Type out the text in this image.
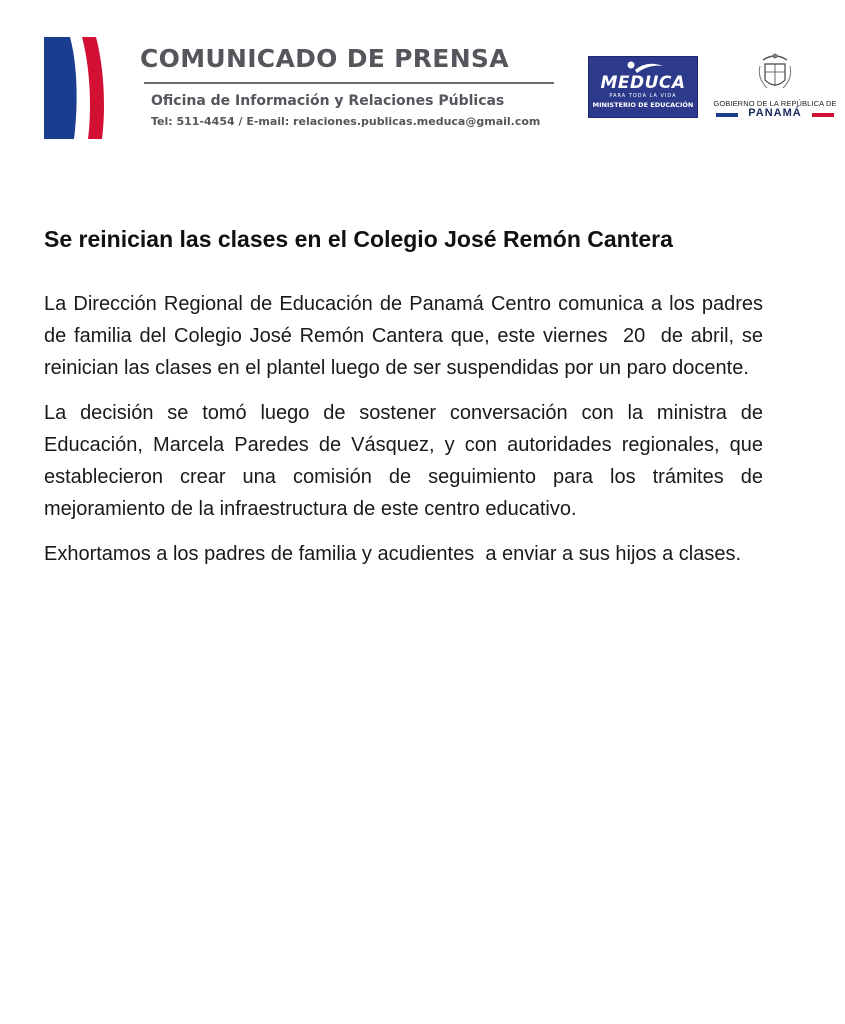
COMUNICADO DE PRENSA
Oficina de Información y Relaciones Públicas
Tel: 511-4454 / E-mail: relaciones.publicas.meduca@gmail.com
MEDUCA
PARA TODA LA VIDA
MINISTERIO DE EDUCACIÓN	GOBIERNO DE LA REPÚBLICA DE
PANAMÁ
Se reinician las clases en el Colegio José Remón Cantera

La Dirección Regional de Educación de Panamá Centro comunica a los padres de familia del Colegio José Remón Cantera que, este viernes  20  de abril, se reinician las clases en el plantel luego de ser suspendidas por un paro docente.

La decisión se tomó luego de sostener conversación con la ministra de Educación, Marcela Paredes de Vásquez, y con autoridades regionales, que establecieron crear una comisión de seguimiento para los trámites de mejoramiento de la infraestructura de este centro educativo.

Exhortamos a los padres de familia y acudientes  a enviar a sus hijos a clases.
